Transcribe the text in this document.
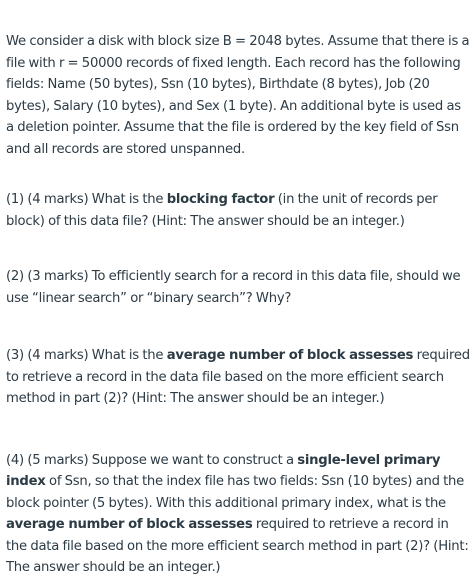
We consider a disk with block size B = 2048 bytes. Assume that there is a file with r = 50000 records of fixed length. Each record has the following fields: Name (50 bytes), Ssn (10 bytes), Birthdate (8 bytes), Job (20 bytes), Salary (10 bytes), and Sex (1 byte). An additional byte is used as a deletion pointer. Assume that the file is ordered by the key field of Ssn and all records are stored unspanned.

(1) (4 marks) What is the blocking factor (in the unit of records per block) of this data file? (Hint: The answer should be an integer.)

(2) (3 marks) To efficiently search for a record in this data file, should we use “linear search” or “binary search”? Why?

(3) (4 marks) What is the average number of block assesses required to retrieve a record in the data file based on the more efficient search method in part (2)? (Hint: The answer should be an integer.)

(4) (5 marks) Suppose we want to construct a single-level primary index of Ssn, so that the index file has two fields: Ssn (10 bytes) and the block pointer (5 bytes). With this additional primary index, what is the average number of block assesses required to retrieve a record in the data file based on the more efficient search method in part (2)? (Hint: The answer should be an integer.)
